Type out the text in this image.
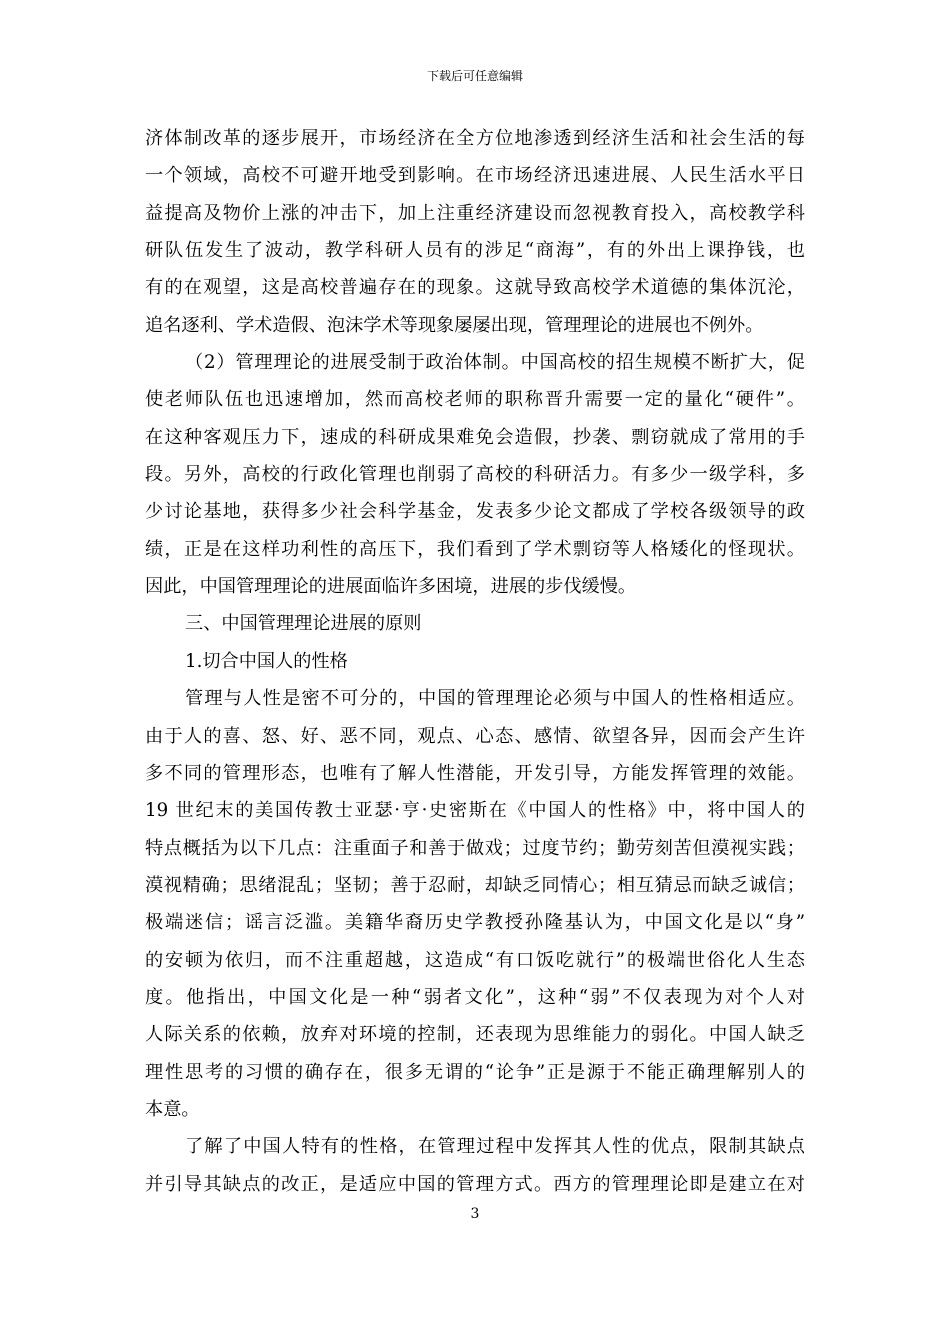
下载后可任意编辑
济体制改革的逐步展开，市场经济在全方位地渗透到经济生活和社会生活的每
一个领域，高校不可避开地受到影响。在市场经济迅速进展、人民生活水平日
益提高及物价上涨的冲击下，加上注重经济建设而忽视教育投入，高校教学科
研队伍发生了波动，教学科研人员有的涉足“商海”，有的外出上课挣钱，也
有的在观望，这是高校普遍存在的现象。这就导致高校学术道德的集体沉沦，
追名逐利、学术造假、泡沫学术等现象屡屡出现，管理理论的进展也不例外。
（2）管理理论的进展受制于政治体制。中国高校的招生规模不断扩大，促
使老师队伍也迅速增加，然而高校老师的职称晋升需要一定的量化“硬件”。
在这种客观压力下，速成的科研成果难免会造假，抄袭、剽窃就成了常用的手
段。另外，高校的行政化管理也削弱了高校的科研活力。有多少一级学科，多
少讨论基地，获得多少社会科学基金，发表多少论文都成了学校各级领导的政
绩，正是在这样功利性的高压下，我们看到了学术剽窃等人格矮化的怪现状。
因此，中国管理理论的进展面临许多困境，进展的步伐缓慢。
三、中国管理理论进展的原则
1.切合中国人的性格
管理与人性是密不可分的，中国的管理理论必须与中国人的性格相适应。
由于人的喜、怒、好、恶不同，观点、心态、感情、欲望各异，因而会产生许
多不同的管理形态，也唯有了解人性潜能，开发引导，方能发挥管理的效能。
19 世纪末的美国传教士亚瑟·亨·史密斯在《中国人的性格》中，将中国人的
特点概括为以下几点：注重面子和善于做戏；过度节约；勤劳刻苦但漠视实践；
漠视精确；思绪混乱；坚韧；善于忍耐，却缺乏同情心；相互猜忌而缺乏诚信；
极端迷信；谣言泛滥。美籍华裔历史学教授孙隆基认为，中国文化是以“身”
的安顿为依归，而不注重超越，这造成“有口饭吃就行”的极端世俗化人生态
度。他指出，中国文化是一种“弱者文化”，这种“弱”不仅表现为对个人对
人际关系的依赖，放弃对环境的控制，还表现为思维能力的弱化。中国人缺乏
理性思考的习惯的确存在，很多无谓的“论争”正是源于不能正确理解别人的
本意。
了解了中国人特有的性格，在管理过程中发挥其人性的优点，限制其缺点
并引导其缺点的改正，是适应中国的管理方式。西方的管理理论即是建立在对
3
